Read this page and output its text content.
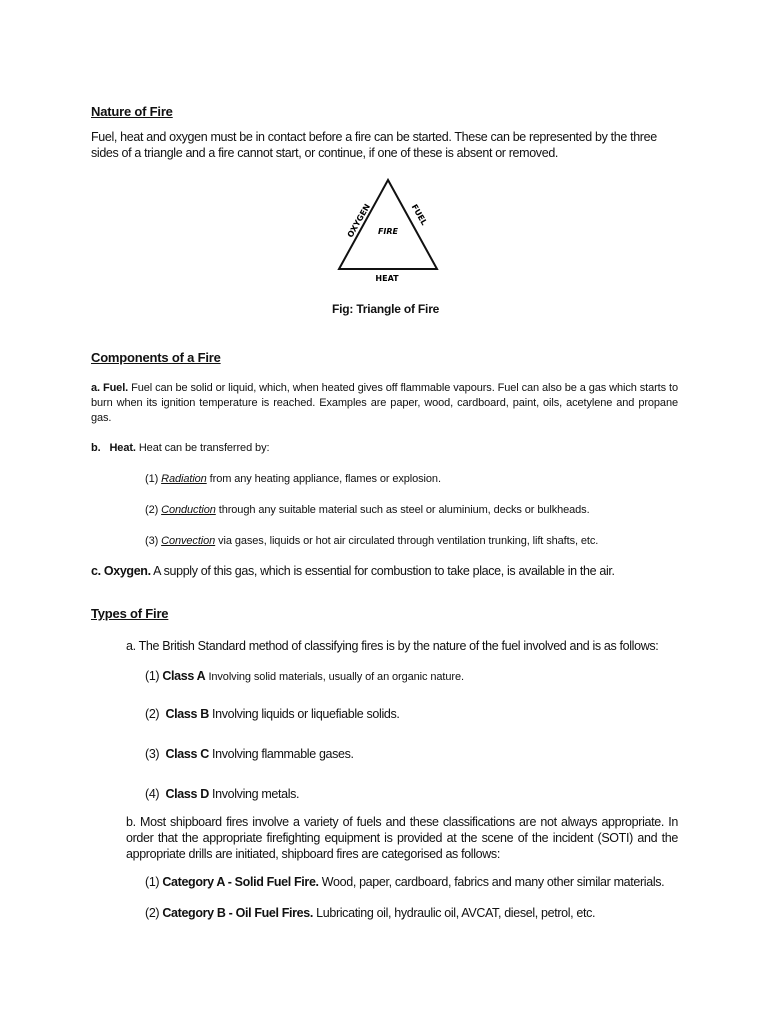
Nature of Fire
Fuel, heat and oxygen must be in contact before a fire can be started. These can be represented by the three sides of a triangle and a fire cannot start, or continue, if one of these is absent or removed.
OXYGEN	FUEL
FIRE
HEAT
Fig: Triangle of Fire
Components of a Fire
a. Fuel. Fuel can be solid or liquid, which, when heated gives off flammable vapours. Fuel can also be a gas which starts to burn when its ignition temperature is reached. Examples are paper, wood, cardboard, paint, oils, acetylene and propane gas.
b. Heat. Heat can be transferred by:
(1) Radiation from any heating appliance, flames or explosion.
(2) Conduction through any suitable material such as steel or aluminium, decks or bulkheads.
(3) Convection via gases, liquids or hot air circulated through ventilation trunking, lift shafts, etc.
c. Oxygen. A supply of this gas, which is essential for combustion to take place, is available in the air.
Types of Fire
a. The British Standard method of classifying fires is by the nature of the fuel involved and is as follows:
(1) Class A Involving solid materials, usually of an organic nature.
(2) Class B Involving liquids or liquefiable solids.
(3) Class C Involving flammable gases.
(4) Class D Involving metals.
b. Most shipboard fires involve a variety of fuels and these classifications are not always appropriate. In order that the appropriate firefighting equipment is provided at the scene of the incident (SOTI) and the appropriate drills are initiated, shipboard fires are categorised as follows:
(1) Category A - Solid Fuel Fire. Wood, paper, cardboard, fabrics and many other similar materials.
(2) Category B - Oil Fuel Fires. Lubricating oil, hydraulic oil, AVCAT, diesel, petrol, etc.
